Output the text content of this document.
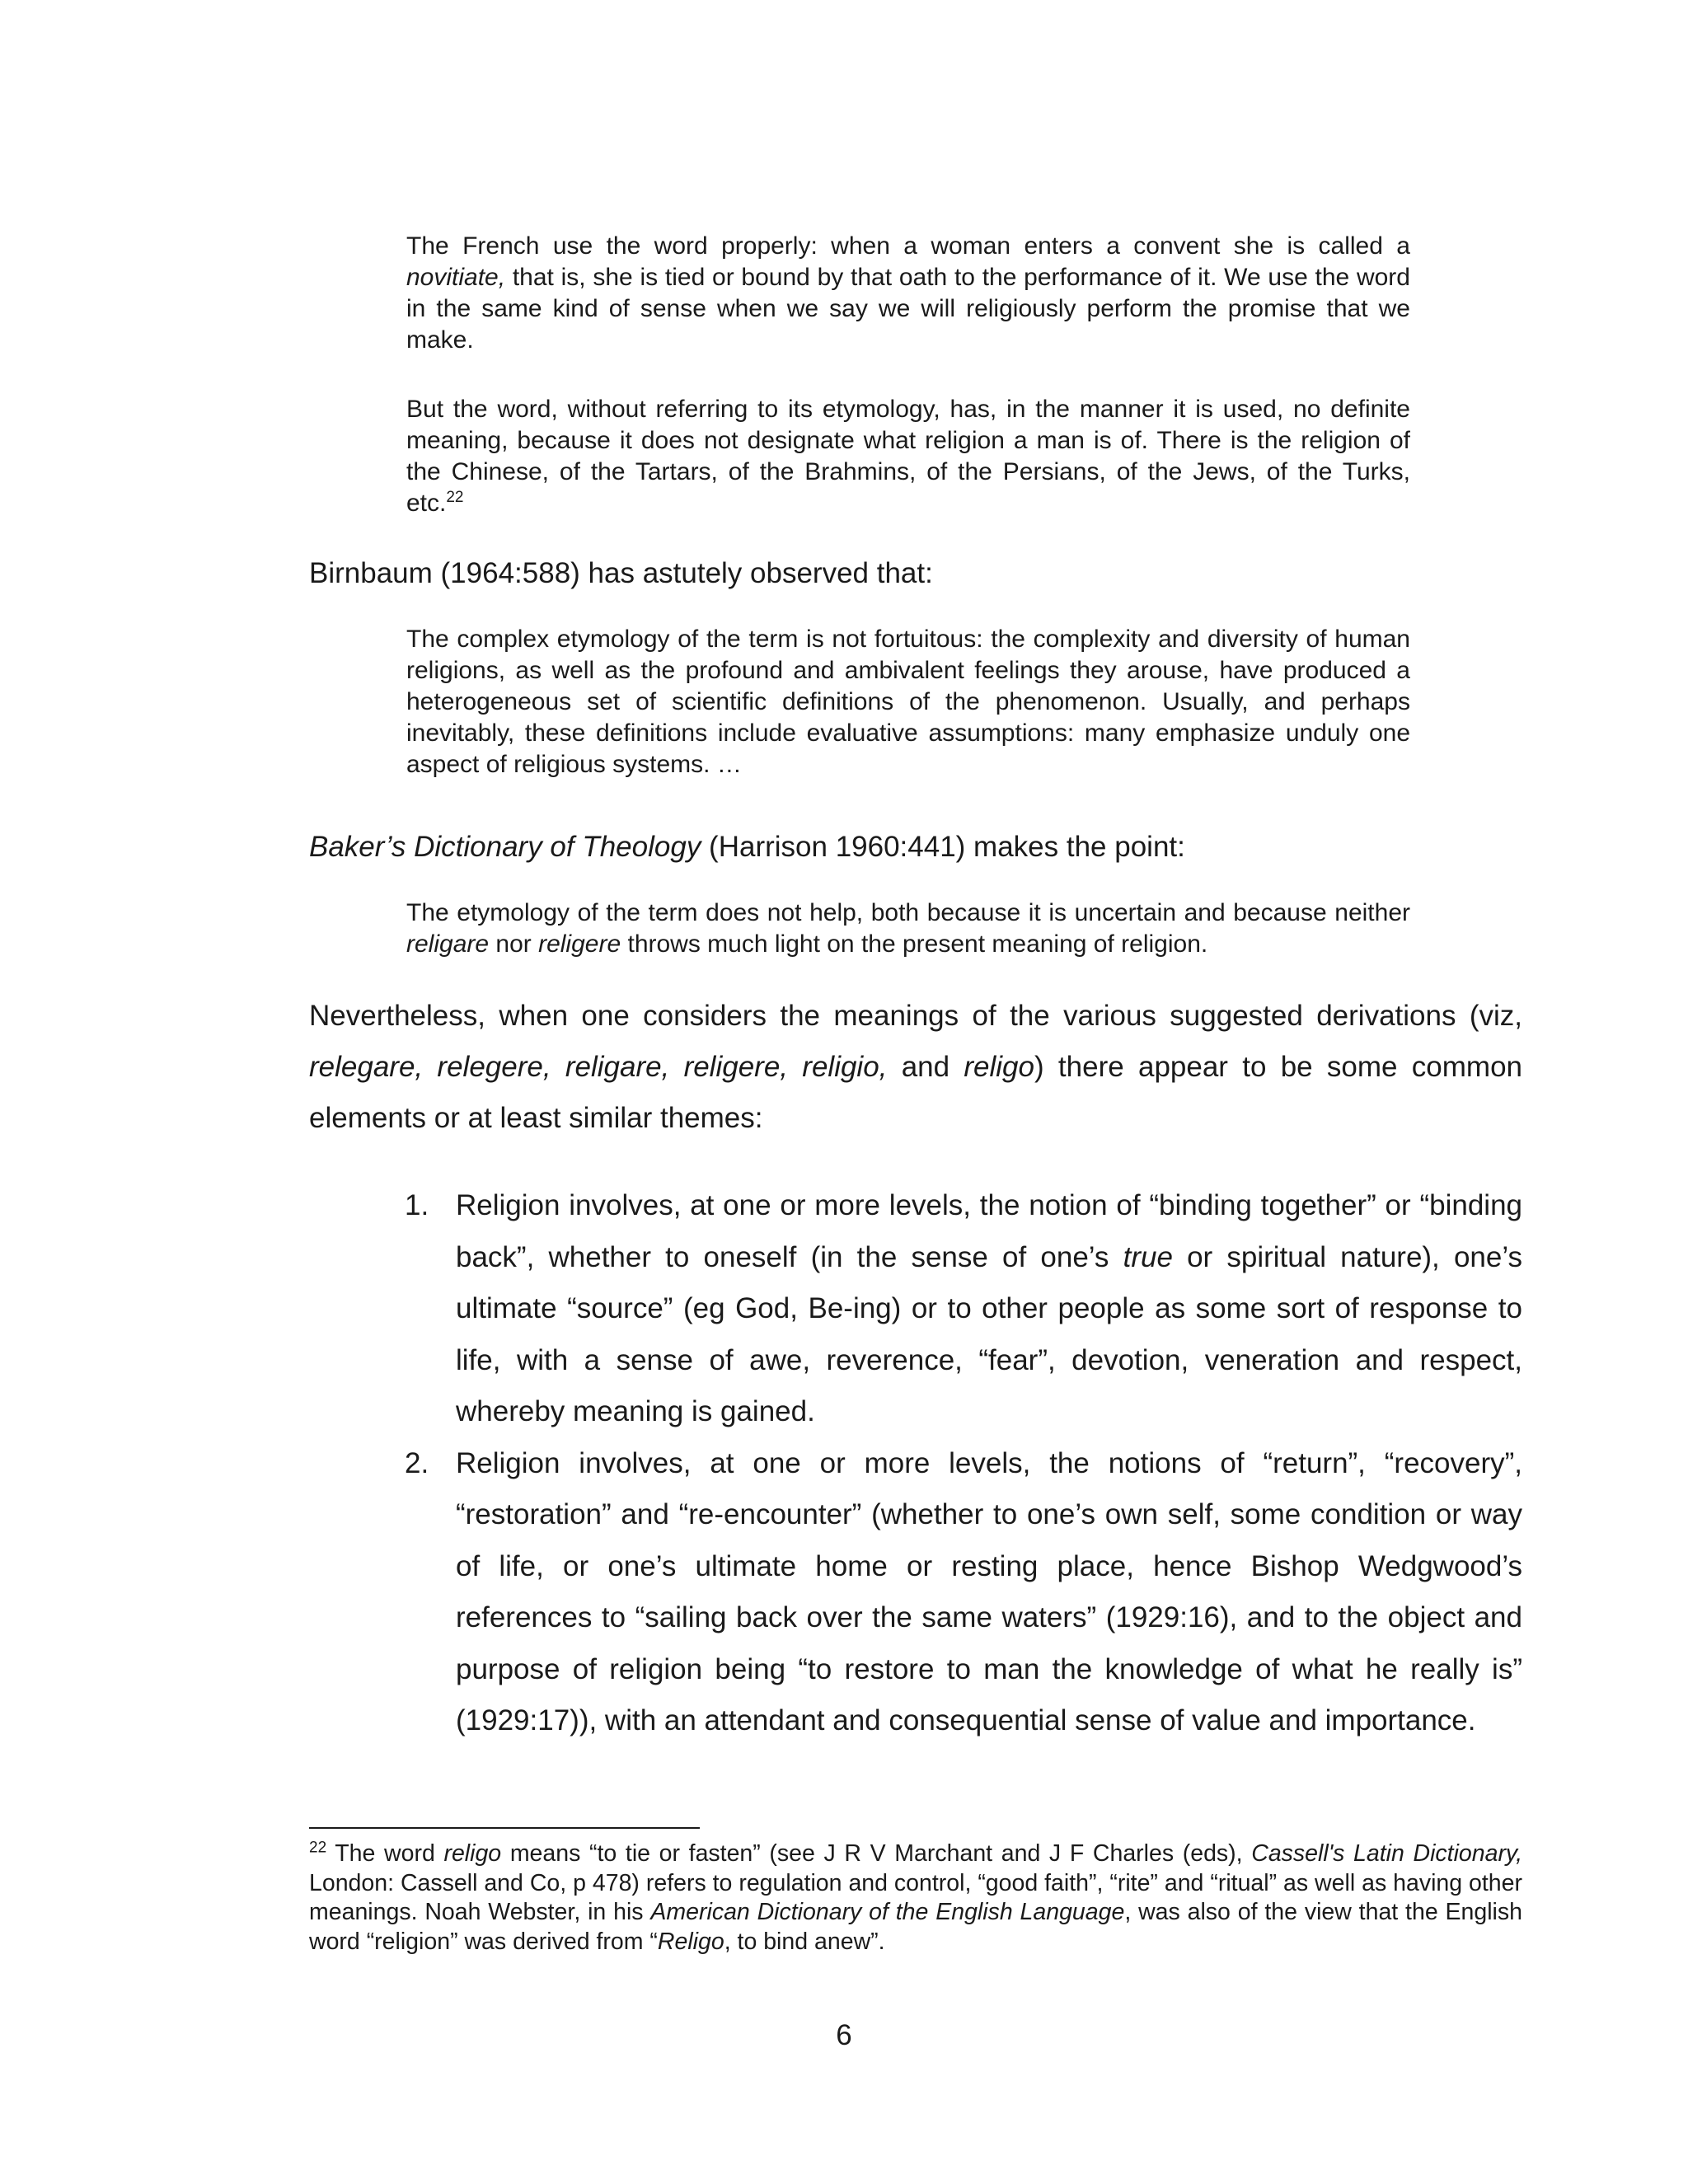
The French use the word properly: when a woman enters a convent she is called a novitiate, that is, she is tied or bound by that oath to the performance of it. We use the word in the same kind of sense when we say we will religiously perform the promise that we make.

But the word, without referring to its etymology, has, in the manner it is used, no definite meaning, because it does not designate what religion a man is of. There is the religion of the Chinese, of the Tartars, of the Brahmins, of the Persians, of the Jews, of the Turks, etc.$^{22}$

Birnbaum (1964:588) has astutely observed that:

The complex etymology of the term is not fortuitous: the complexity and diversity of human religions, as well as the profound and ambivalent feelings they arouse, have produced a heterogeneous set of scientific definitions of the phenomenon. Usually, and perhaps inevitably, these definitions include evaluative assumptions: many emphasize unduly one aspect of religious systems. …

Baker’s Dictionary of Theology (Harrison 1960:441) makes the point:

The etymology of the term does not help, both because it is uncertain and because neither religare nor religere throws much light on the present meaning of religion.

Nevertheless, when one considers the meanings of the various suggested derivations (viz, relegare, relegere, religare, religere, religio, and religo) there appear to be some common elements or at least similar themes:

1. Religion involves, at one or more levels, the notion of “binding together” or “binding back”, whether to oneself (in the sense of one’s true or spiritual nature), one’s ultimate “source” (eg God, Be-ing) or to other people as some sort of response to life, with a sense of awe, reverence, “fear”, devotion, veneration and respect, whereby meaning is gained.
2. Religion involves, at one or more levels, the notions of “return”, “recovery”, “restoration” and “re-encounter” (whether to one’s own self, some condition or way of life, or one’s ultimate home or resting place, hence Bishop Wedgwood’s references to “sailing back over the same waters” (1929:16), and to the object and purpose of religion being “to restore to man the knowledge of what he really is” (1929:17)), with an attendant and consequential sense of value and importance.

$^{22}$ The word religo means “to tie or fasten” (see J R V Marchant and J F Charles (eds), Cassell's Latin Dictionary, London: Cassell and Co, p 478) refers to regulation and control, “good faith”, “rite” and “ritual” as well as having other meanings. Noah Webster, in his American Dictionary of the English Language, was also of the view that the English word “religion” was derived from “Religo, to bind anew”.

6
